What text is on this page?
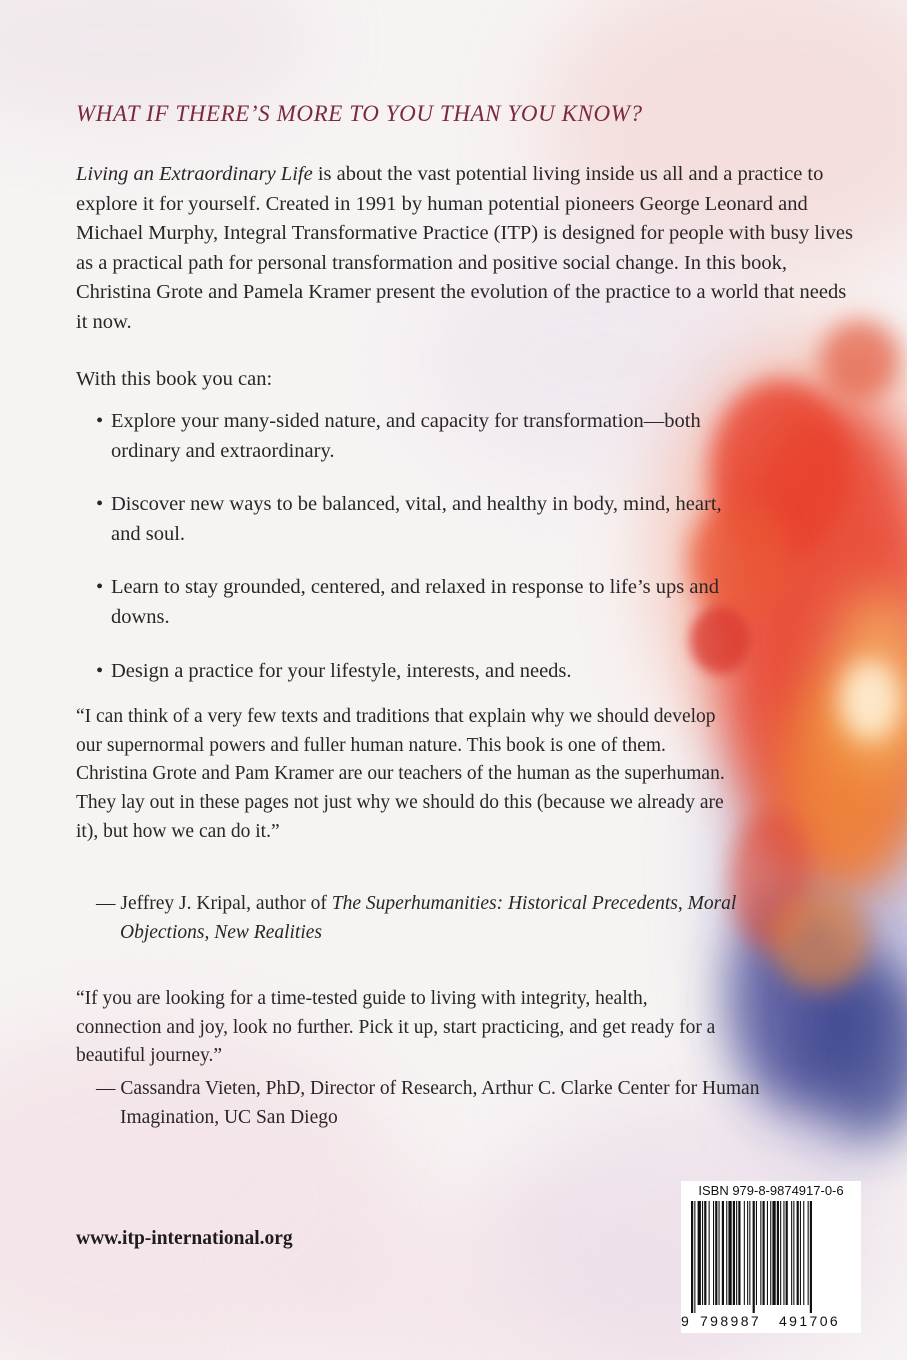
WHAT IF THERE’S MORE TO YOU THAN YOU KNOW?

Living an Extraordinary Life is about the vast potential living inside us all and a practice to explore it for yourself. Created in 1991 by human potential pioneers George Leonard and Michael Murphy, Integral Transformative Practice (ITP) is designed for people with busy lives as a practical path for personal transformation and positive social change. In this book, Christina Grote and Pamela Kramer present the evolution of the practice to a world that needs it now.

With this book you can:

• Explore your many-sided nature, and capacity for transformation—both ordinary and extraordinary.
• Discover new ways to be balanced, vital, and healthy in body, mind, heart, and soul.
• Learn to stay grounded, centered, and relaxed in response to life’s ups and downs.
• Design a practice for your lifestyle, interests, and needs.

“I can think of a very few texts and traditions that explain why we should develop our supernormal powers and fuller human nature. This book is one of them. Christina Grote and Pam Kramer are our teachers of the human as the superhuman. They lay out in these pages not just why we should do this (because we already are it), but how we can do it.”

— Jeffrey J. Kripal, author of The Superhumanities: Historical Precedents, Moral Objections, New Realities

“If you are looking for a time-tested guide to living with integrity, health, connection and joy, look no further. Pick it up, start practicing, and get ready for a beautiful journey.”

— Cassandra Vieten, PhD, Director of Research, Arthur C. Clarke Center for Human Imagination, UC San Diego

www.itp-international.org
ISBN 979-8-9874917-0-6
9 798987 491706
